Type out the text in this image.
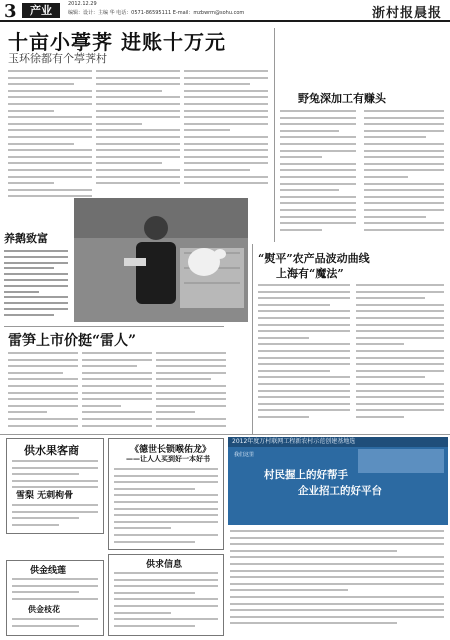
3	产业	2012.12.29
编辑：设计：主编 华 电话：0571-86595111 E-mail：mzbwrm@sohu.com	浙村报晨报
十亩小葶荠 进账十万元
玉环徐都有个葶荠村
野兔深加工有赚头
养鹅致富
“熨平”农产品波动曲线
上海有“魔法”
雷笋上市价挺“雷人”
供水果客商
雪梨 无刺枸骨
《德世长锁喉佑龙》
——让人人买到好一本好书
供金线莲
供金枝花
供求信息
2012年度万村联网工程新农村示范创建基地选
我们这里
村民握上的好帮手
企业招工的好平台
